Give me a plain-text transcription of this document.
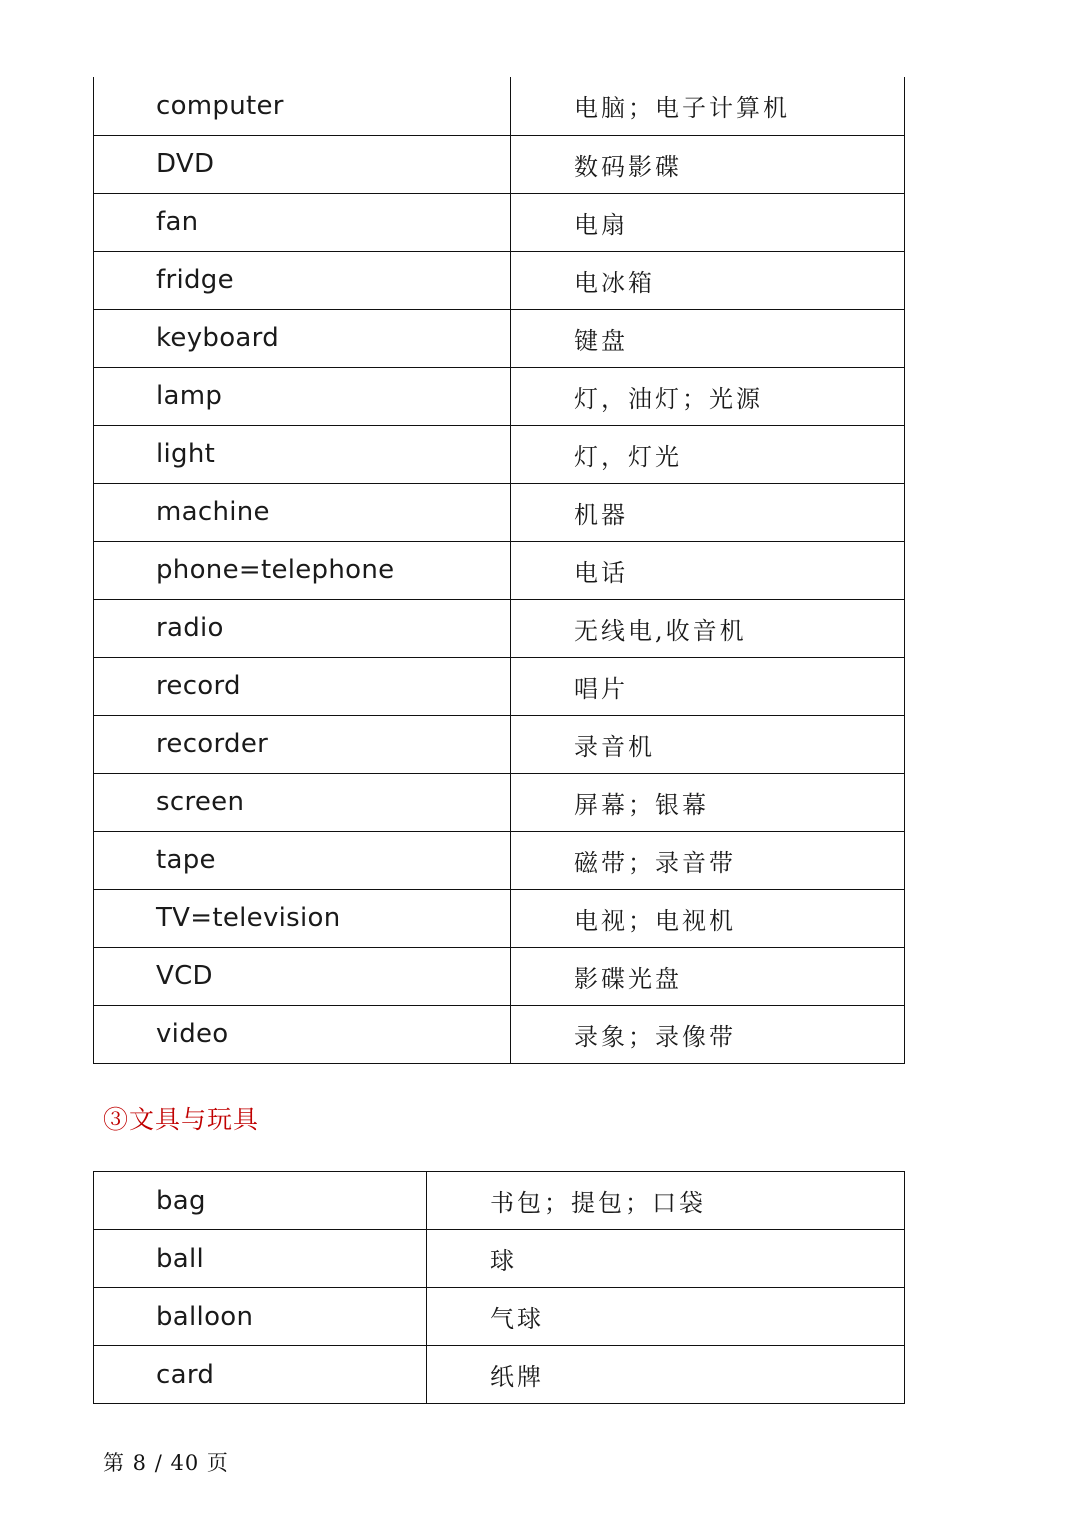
computer	电脑；电子计算机
DVD	数码影碟
fan	电扇
fridge	电冰箱
keyboard	键盘
lamp	灯，油灯；光源
light	灯，灯光
machine	机器
phone=telephone	电话
radio	无线电,收音机
record	唱片
recorder	录音机
screen	屏幕；银幕
tape	磁带；录音带
TV=television	电视；电视机
VCD	影碟光盘
video	录象；录像带
③文具与玩具
bag	书包；提包；口袋
ball	球
balloon	气球
card	纸牌
第 8 / 40 页
